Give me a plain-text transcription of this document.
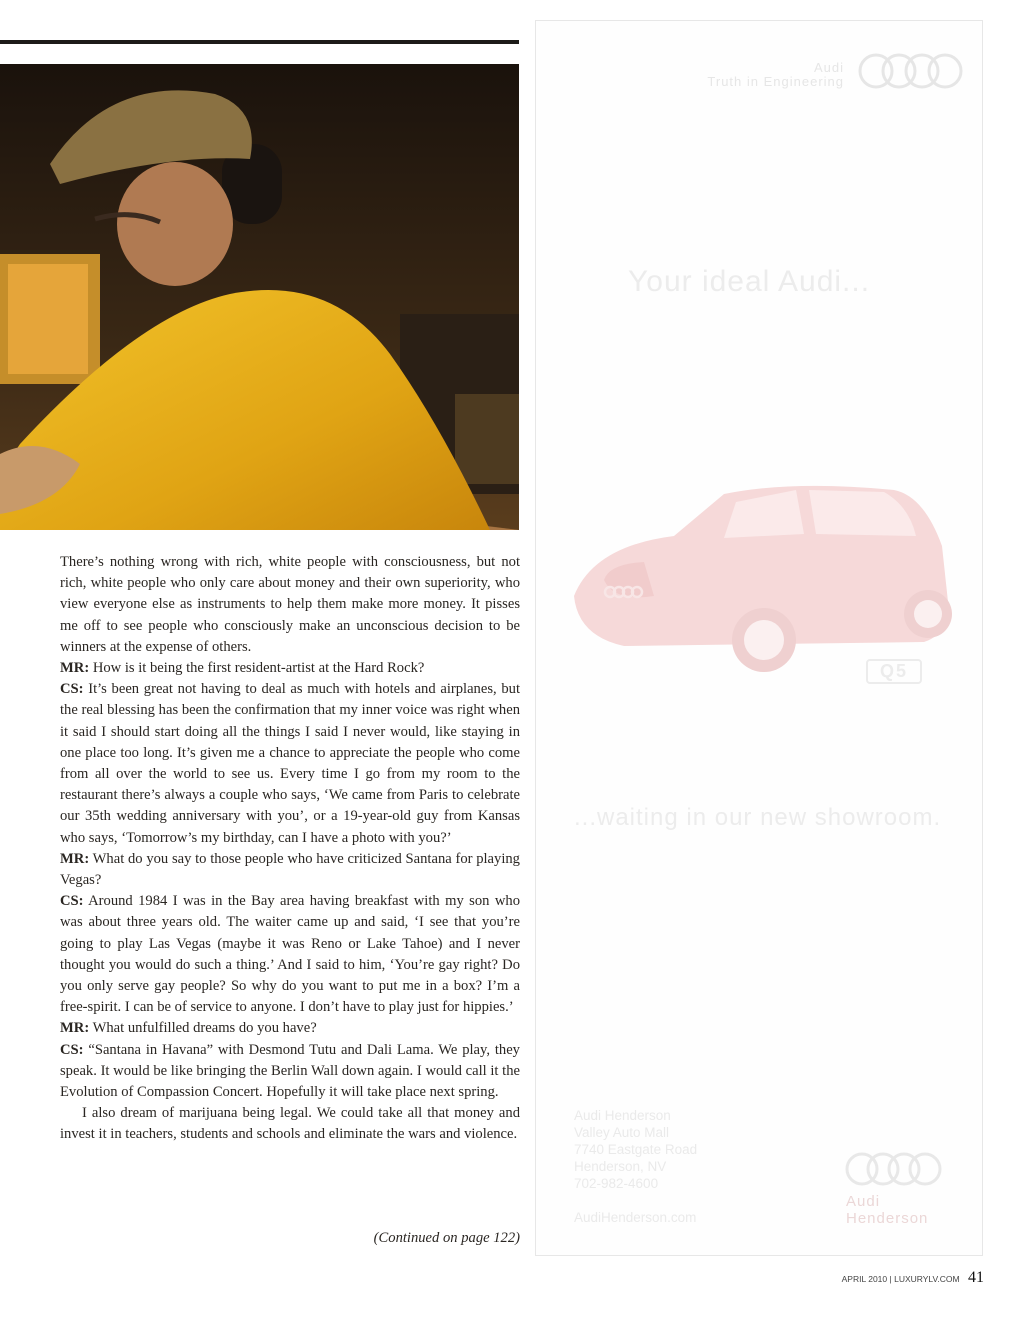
There’s nothing wrong with rich, white people with consciousness, but not rich, white people who only care about money and their own superiority, who view everyone else as instruments to help them make more money. It pisses me off to see people who consciously make an unconscious decision to be winners at the expense of others.

MR: How is it being the first resident-artist at the Hard Rock?

CS: It’s been great not having to deal as much with hotels and airplanes, but the real blessing has been the confirmation that my inner voice was right when it said I should start doing all the things I said I never would, like staying in one place too long. It’s given me a chance to appreciate the people who come from all over the world to see us. Every time I go from my room to the restaurant there’s always a couple who says, ‘We came from Paris to celebrate our 35th wedding anniversary with you’, or a 19-year-old guy from Kansas who says, ‘Tomorrow’s my birthday, can I have a photo with you?’

MR: What do you say to those people who have criticized Santana for playing Vegas?

CS: Around 1984 I was in the Bay area having breakfast with my son who was about three years old. The waiter came up and said, ‘I see that you’re going to play Las Vegas (maybe it was Reno or Lake Tahoe) and I never thought you would do such a thing.’ And I said to him, ‘You’re gay right? Do you only serve gay people? So why do you want to put me in a box? I’m a free-spirit. I can be of service to anyone. I don’t have to play just for hippies.’

MR: What unfulfilled dreams do you have?

CS: “Santana in Havana” with Desmond Tutu and Dali Lama. We play, they speak. It would be like bringing the Berlin Wall down again. I would call it the Evolution of Compassion Concert. Hopefully it will take place next spring.

I also dream of marijuana being legal. We could take all that money and invest it in teachers, students and schools and eliminate the wars and violence.

(Continued on page 122)
Audi
Truth in Engineering
Your ideal Audi...
Q5
...waiting in our new showroom.
Audi Henderson
Valley Auto Mall
7740 Eastgate Road
Henderson, NV
702-982-4600
AudiHenderson.com
Audi
Henderson
APRIL 2010 | LUXURYLV.COM 41
